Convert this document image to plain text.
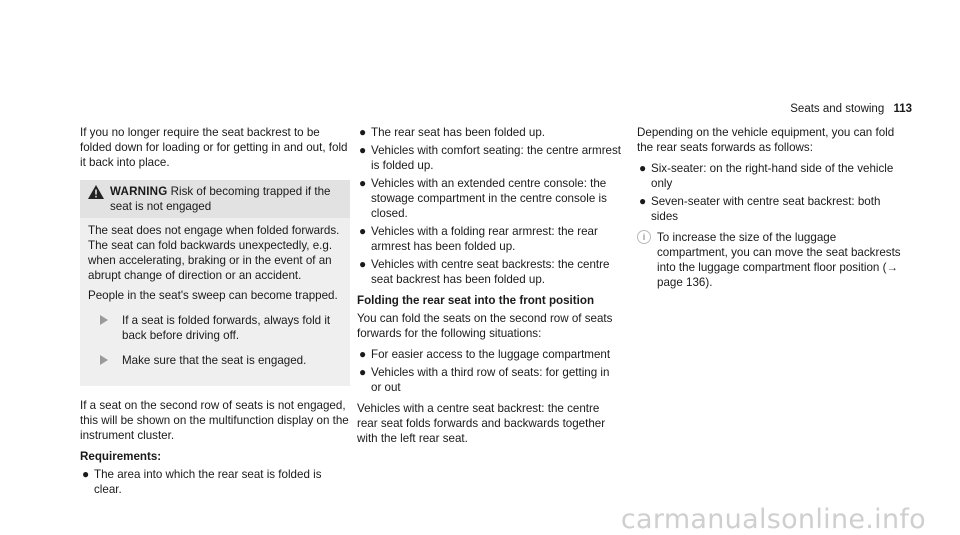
Seats and stowing 113

If you no longer require the seat backrest to be folded down for loading or for getting in and out, fold it back into place.

WARNING Risk of becoming trapped if the seat is not engaged

The seat does not engage when folded forwards. The seat can fold backwards unexpectedly, e.g. when accelerating, braking or in the event of an abrupt change of direction or an accident.

People in the seat's sweep can become trapped.

If a seat is folded forwards, always fold it back before driving off.
Make sure that the seat is engaged.

If a seat on the second row of seats is not engaged, this will be shown on the multifunction display on the instrument cluster.

Requirements:
● The area into which the rear seat is folded is clear.
● The rear seat has been folded up.
● Vehicles with comfort seating: the centre armrest is folded up.
● Vehicles with an extended centre console: the stowage compartment in the centre console is closed.
● Vehicles with a folding rear armrest: the rear armrest has been folded up.
● Vehicles with centre seat backrests: the centre seat backrest has been folded up.
Folding the rear seat into the front position

You can fold the seats on the second row of seats forwards for the following situations:

● For easier access to the luggage compartment
● Vehicles with a third row of seats: for getting in or out

Vehicles with a centre seat backrest: the centre rear seat folds forwards and backwards together with the left rear seat.

Depending on the vehicle equipment, you can fold the rear seats forwards as follows:

● Six-seater: on the right-hand side of the vehicle only
● Seven-seater with centre seat backrest: both sides
i	To increase the size of the luggage compartment, you can move the seat backrests into the luggage compartment floor position (→ page 136).
carmanualsonline.info
